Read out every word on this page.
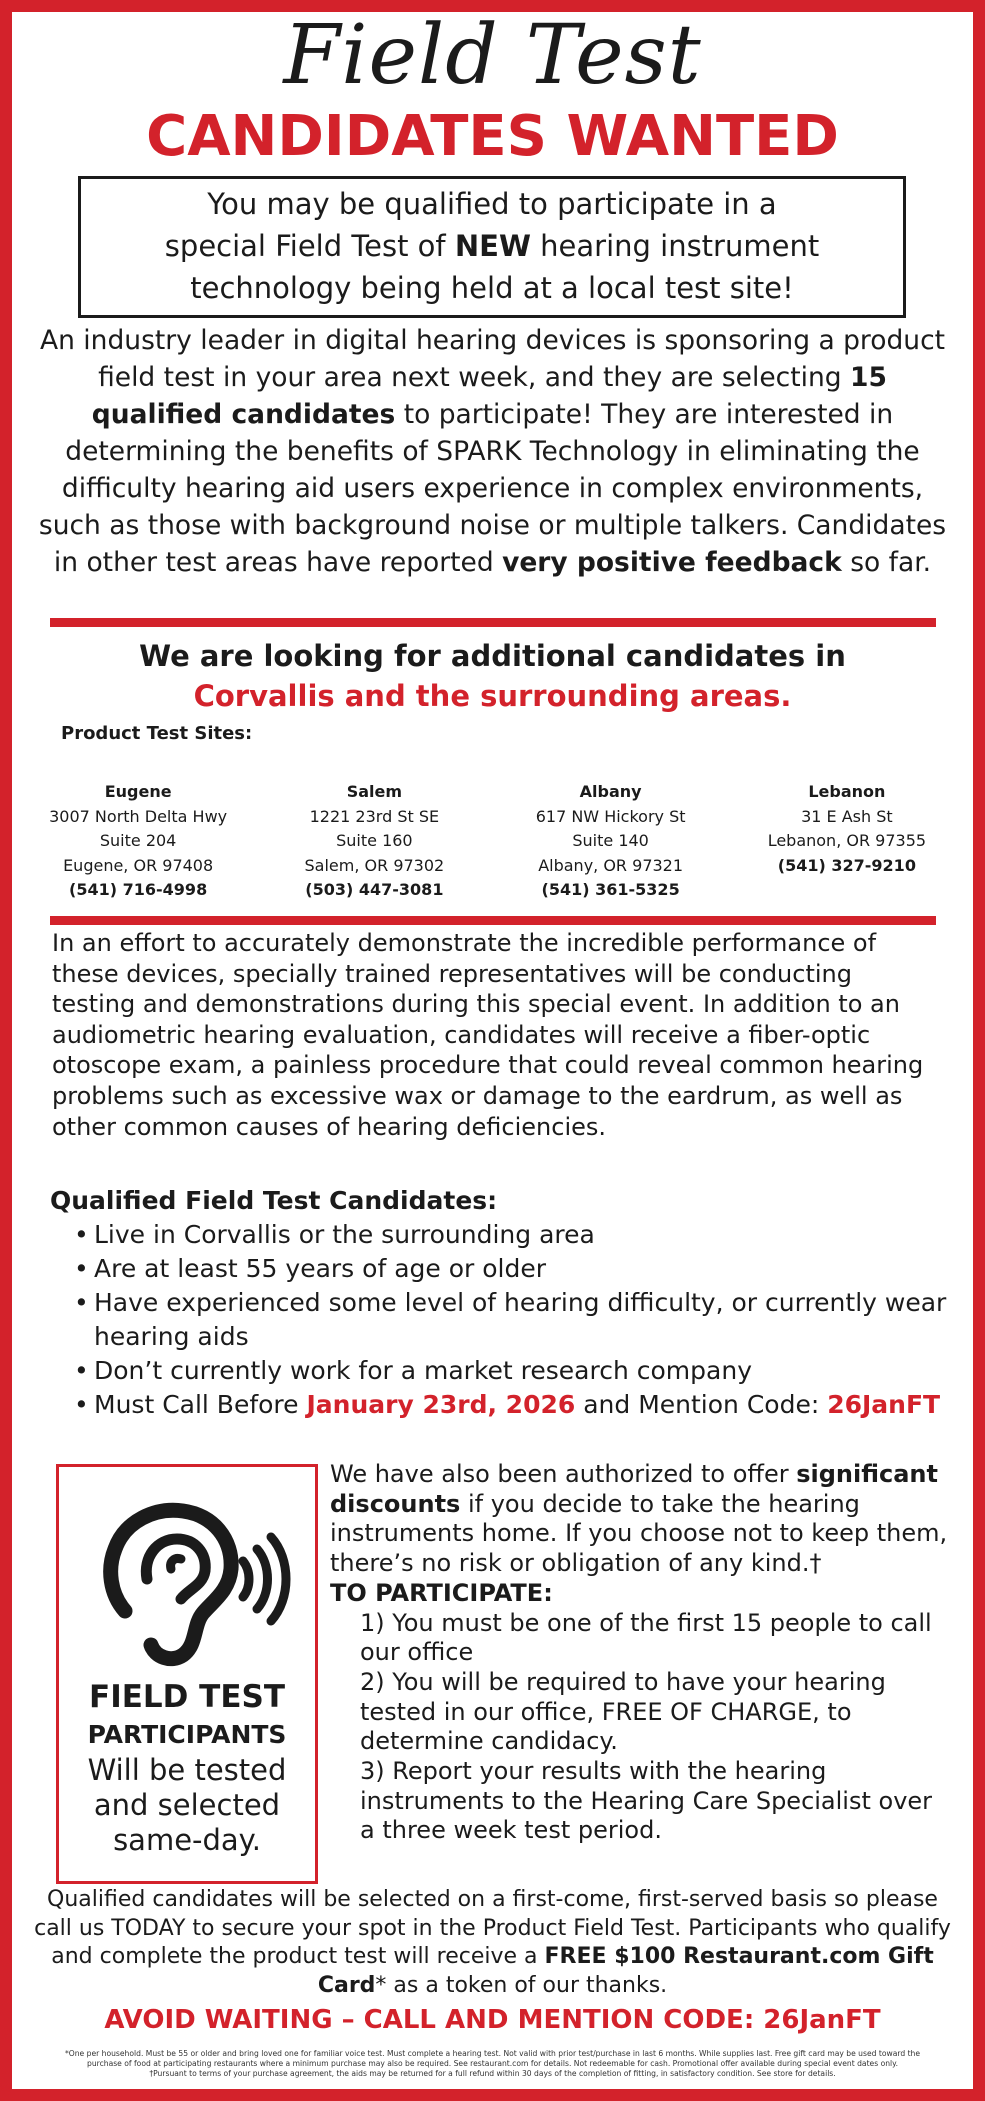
Field Test
CANDIDATES WANTED
You may be qualified to participate in a
special Field Test of NEW hearing instrument
technology being held at a local test site!
An industry leader in digital hearing devices is sponsoring a product field test in your area next week, and they are selecting 15 qualified candidates to participate! They are interested in determining the benefits of SPARK Technology in eliminating the difficulty hearing aid users experience in complex environments, such as those with background noise or multiple talkers. Candidates in other test areas have reported very positive feedback so far.
We are looking for additional candidates in
Corvallis and the surrounding areas.
Product Test Sites:
Eugene
3007 North Delta Hwy
Suite 204
Eugene, OR 97408
(541) 716-4998
Salem
1221 23rd St SE
Suite 160
Salem, OR 97302
(503) 447-3081
Albany
617 NW Hickory St
Suite 140
Albany, OR 97321
(541) 361-5325
Lebanon
31 E Ash St
Lebanon, OR 97355
(541) 327-9210
In an effort to accurately demonstrate the incredible performance of these devices, specially trained representatives will be conducting testing and demonstrations during this special event. In addition to an audiometric hearing evaluation, candidates will receive a fiber-optic otoscope exam, a painless procedure that could reveal common hearing problems such as excessive wax or damage to the eardrum, as well as other common causes of hearing deficiencies.
Qualified Field Test Candidates:
• Live in Corvallis or the surrounding area
• Are at least 55 years of age or older
• Have experienced some level of hearing difficulty, or currently wear hearing aids
• Don’t currently work for a market research company
• Must Call Before January 23rd, 2026 and Mention Code: 26JanFT
FIELD TEST
PARTICIPANTS
Will be tested and selected same-day.
We have also been authorized to offer significant discounts if you decide to take the hearing instruments home. If you choose not to keep them, there’s no risk or obligation of any kind.†
TO PARTICIPATE:
1) You must be one of the first 15 people to call our office
2) You will be required to have your hearing tested in our office, FREE OF CHARGE, to determine candidacy.
3) Report your results with the hearing instruments to the Hearing Care Specialist over a three week test period.
Qualified candidates will be selected on a first-come, first-served basis so please call us TODAY to secure your spot in the Product Field Test. Participants who qualify and complete the product test will receive a FREE $100 Restaurant.com Gift Card* as a token of our thanks.
AVOID WAITING – CALL AND MENTION CODE: 26JanFT
*One per household. Must be 55 or older and bring loved one for familiar voice test. Must complete a hearing test. Not valid with prior test/purchase in last 6 months. While supplies last. Free gift card may be used toward the purchase of food at participating restaurants where a minimum purchase may also be required. See restaurant.com for details. Not redeemable for cash. Promotional offer available during special event dates only.
†Pursuant to terms of your purchase agreement, the aids may be returned for a full refund within 30 days of the completion of fitting, in satisfactory condition. See store for details.
